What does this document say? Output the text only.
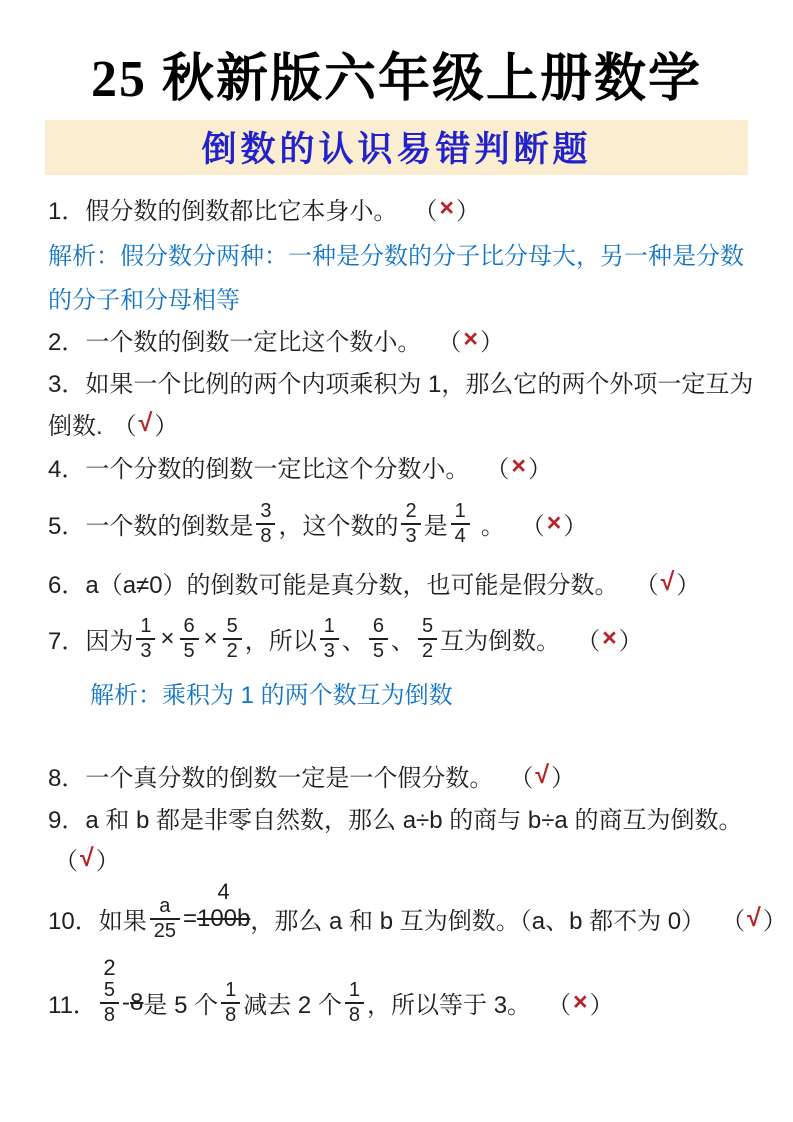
25 秋新版六年级上册数学
倒数的认识易错判断题
1．假分数的倒数都比它本身小。 （ × ）
解析：假分数分两种：一种是分数的分子比分母大，另一种是分数
的分子和分母相等
2．一个数的倒数一定比这个数小。 （ × ）
3．如果一个比例的两个内项乘积为 1，那么它的两个外项一定互为
倒数. （ √ ）
4．一个分数的倒数一定比这个分数小。 （ × ）
5．一个数的倒数是 $\frac{3}{8}$ ，这个数的 $\frac{2}{3}$ 是 $\frac{1}{4}$ 。 （ × ）
6．a（a≠0）的倒数可能是真分数，也可能是假分数。 （ √ ）
7．因为 $\frac{1}{3} \times \frac{6}{5} \times \frac{5}{2}$ ，所以 $\frac{1}{3}$ 、 $\frac{6}{5}$ 、 $\frac{5}{2}$ 互为倒数。 （ × ）
解析：乘积为 1 的两个数互为倒数
8．一个真分数的倒数一定是一个假分数。 （ √ ）
9．a 和 b 都是非零自然数，那么 a÷b 的商与 b÷a 的商互为倒数。
（ √ ）
10．如果 $\frac{a}{25}$ =
4
100b ，那么 a 和 b 互为倒数。（a、b 都不为 0） （ √ ）
11．
2
$\frac{5}{8} - 8$ 是 5 个 $\frac{1}{8}$ 减去 2 个 $\frac{1}{8}$ ，所以等于 3。 （ × ）
